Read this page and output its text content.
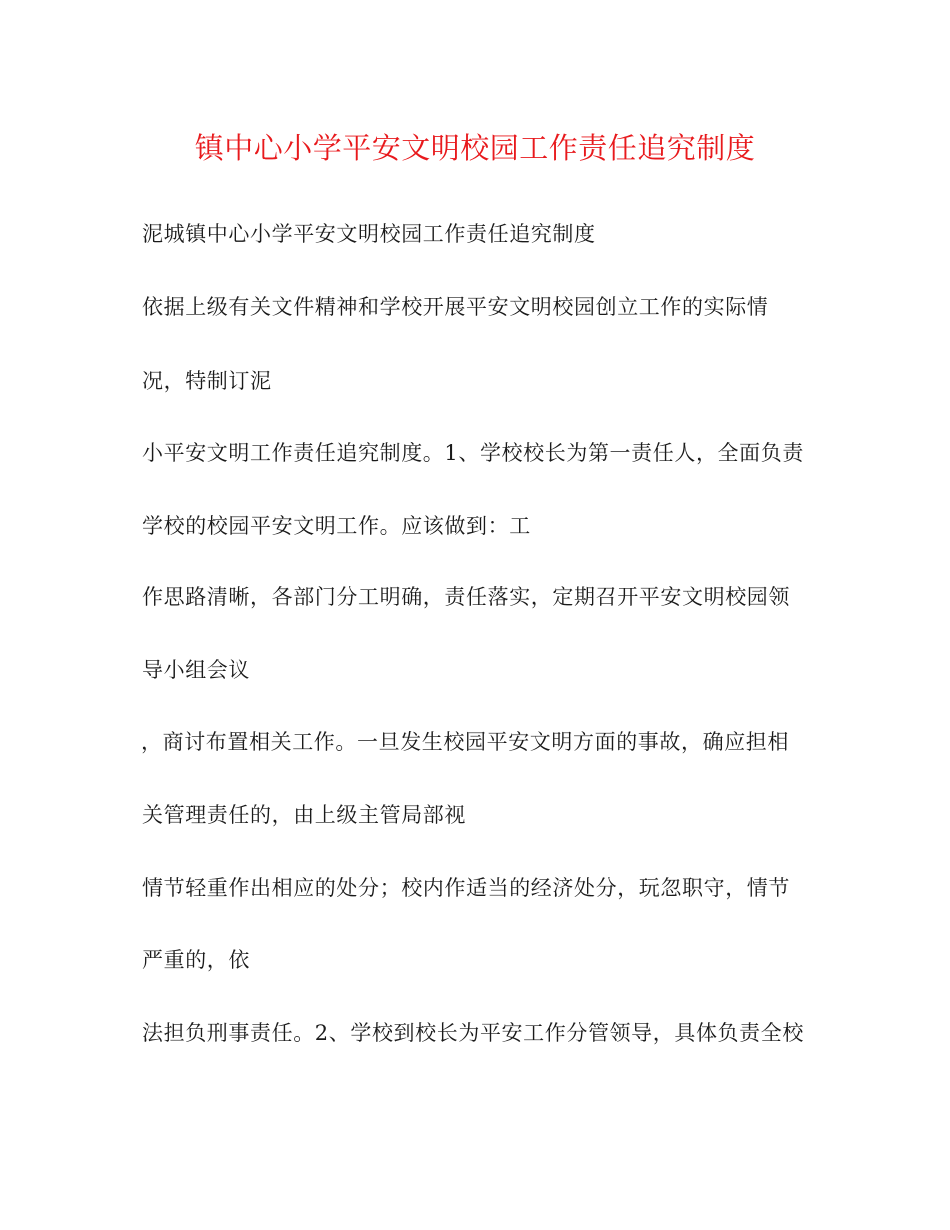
镇中心小学平安文明校园工作责任追究制度
泥城镇中心小学平安文明校园工作责任追究制度
依据上级有关文件精神和学校开展平安文明校园创立工作的实际情
况，特制订泥
小平安文明工作责任追究制度。1、学校校长为第一责任人，全面负责
学校的校园平安文明工作。应该做到：工
作思路清晰，各部门分工明确，责任落实，定期召开平安文明校园领
导小组会议
，商讨布置相关工作。一旦发生校园平安文明方面的事故，确应担相
关管理责任的，由上级主管局部视
情节轻重作出相应的处分；校内作适当的经济处分，玩忽职守，情节
严重的，依
法担负刑事责任。2、学校到校长为平安工作分管领导，具体负责全校
